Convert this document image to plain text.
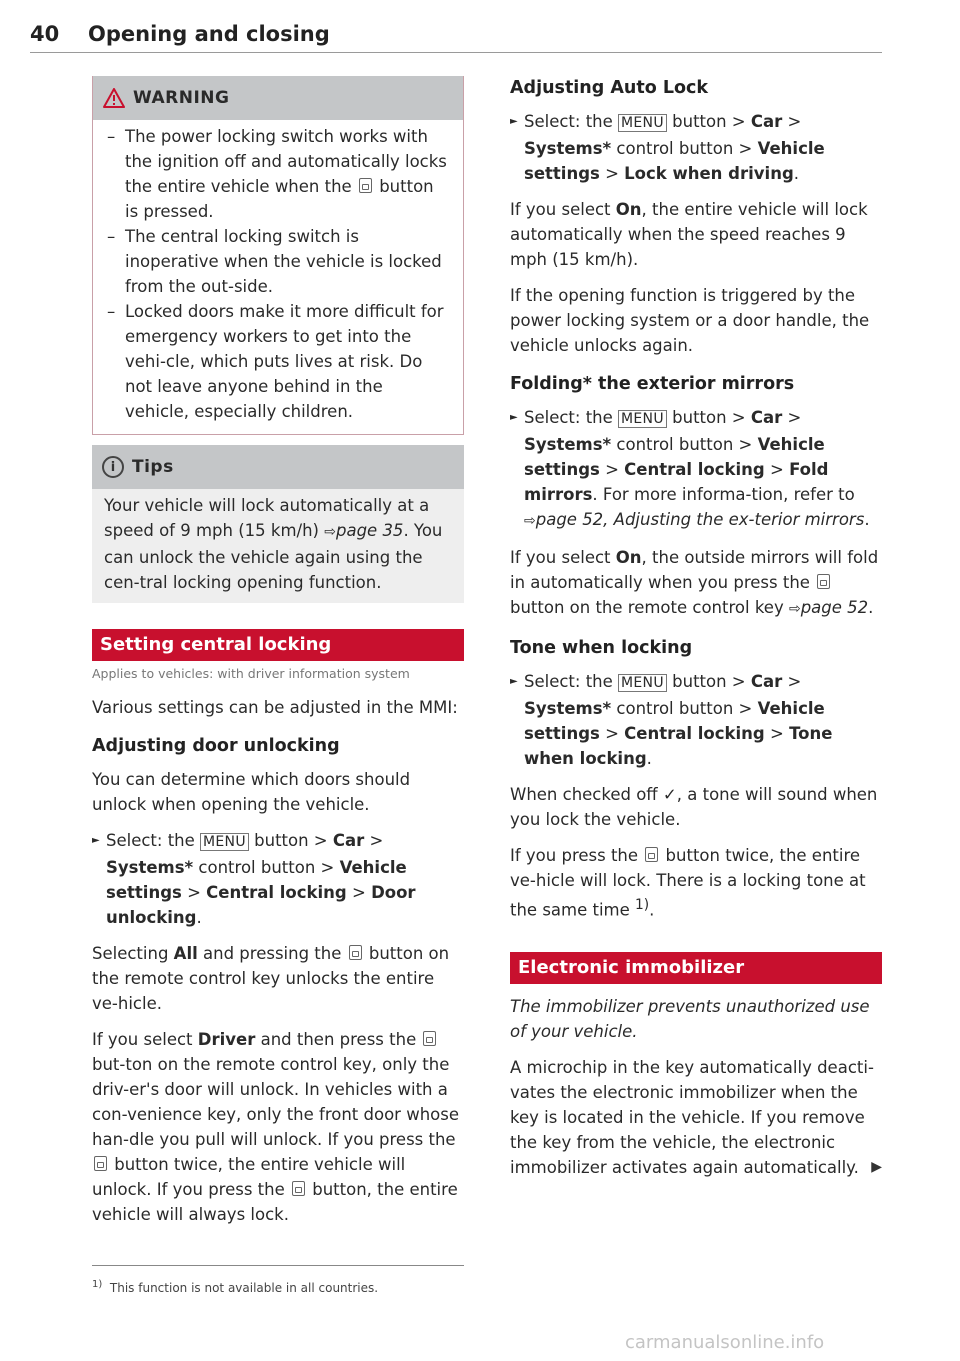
40 Opening and closing
WARNING
– The power locking switch works with the ignition off and automatically locks the entire vehicle when the  button is pressed.
– The central locking switch is inoperative when the vehicle is locked from the out-side.
– Locked doors make it more difficult for emergency workers to get into the vehi-cle, which puts lives at risk. Do not leave anyone behind in the vehicle, especially children.
i Tips
Your vehicle will lock automatically at a speed of 9 mph (15 km/h) ⇨page 35. You can unlock the vehicle again using the cen-tral locking opening function.
Setting central locking
Applies to vehicles: with driver information system

Various settings can be adjusted in the MMI:

Adjusting door unlocking

You can determine which doors should unlock when opening the vehicle.

► Select: the MENU button > Car > Systems* control button > Vehicle settings > Central locking > Door unlocking.

Selecting All and pressing the  button on the remote control key unlocks the entire ve-hicle.

If you select Driver and then press the  but-ton on the remote control key, only the driv-er's door will unlock. In vehicles with a con-venience key, only the front door whose han-dle you pull will unlock. If you press the  button twice, the entire vehicle will unlock. If you press the  button, the entire vehicle will always lock.

$^{1)}$ This function is not available in all countries.
Adjusting Auto Lock
► Select: the MENU button > Car > Systems* control button > Vehicle settings > Lock when driving.

If you select On, the entire vehicle will lock automatically when the speed reaches 9 mph (15 km/h).

If the opening function is triggered by the power locking system or a door handle, the vehicle unlocks again.

Folding* the exterior mirrors
► Select: the MENU button > Car > Systems* control button > Vehicle settings > Central locking > Fold mirrors. For more informa-tion, refer to ⇨page 52, Adjusting the ex-terior mirrors.

If you select On, the outside mirrors will fold in automatically when you press the  button on the remote control key ⇨page 52.

Tone when locking
► Select: the MENU button > Car > Systems* control button > Vehicle settings > Central locking > Tone when locking.

When checked off ✓, a tone will sound when you lock the vehicle.

If you press the  button twice, the entire ve-hicle will lock. There is a locking tone at the same time $^{1)}$.

Electronic immobilizer

The immobilizer prevents unauthorized use of your vehicle.

A microchip in the key automatically deacti-vates the electronic immobilizer when the key is located in the vehicle. If you remove the key from the vehicle, the electronic immobilizer activates again automatically. ▶

carmanualsonline.info
